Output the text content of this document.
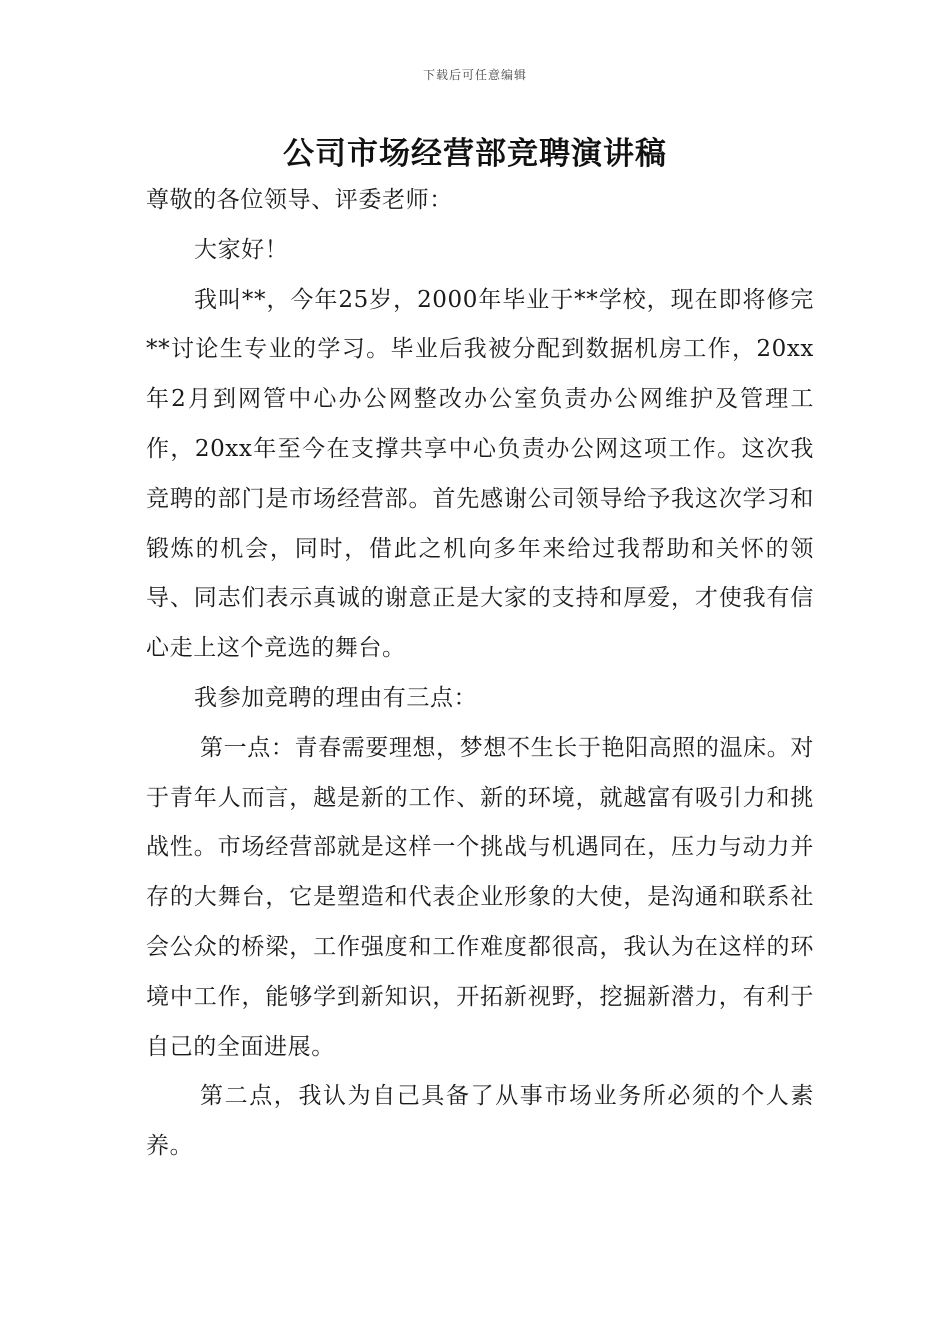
下载后可任意编辑
公司市场经营部竞聘演讲稿

尊敬的各位领导、评委老师：

大家好！

我叫**，今年25岁，2000年毕业于**学校，现在即将修完**讨论生专业的学习。毕业后我被分配到数据机房工作，20xx年2月到网管中心办公网整改办公室负责办公网维护及管理工作，20xx年至今在支撑共享中心负责办公网这项工作。这次我竞聘的部门是市场经营部。首先感谢公司领导给予我这次学习和锻炼的机会，同时，借此之机向多年来给过我帮助和关怀的领导、同志们表示真诚的谢意正是大家的支持和厚爱，才使我有信心走上这个竞选的舞台。

我参加竞聘的理由有三点：

第一点：青春需要理想，梦想不生长于艳阳高照的温床。对于青年人而言，越是新的工作、新的环境，就越富有吸引力和挑战性。市场经营部就是这样一个挑战与机遇同在，压力与动力并存的大舞台，它是塑造和代表企业形象的大使，是沟通和联系社会公众的桥梁，工作强度和工作难度都很高，我认为在这样的环境中工作，能够学到新知识，开拓新视野，挖掘新潜力，有利于自己的全面进展。

第二点，我认为自己具备了从事市场业务所必须的个人素养。
